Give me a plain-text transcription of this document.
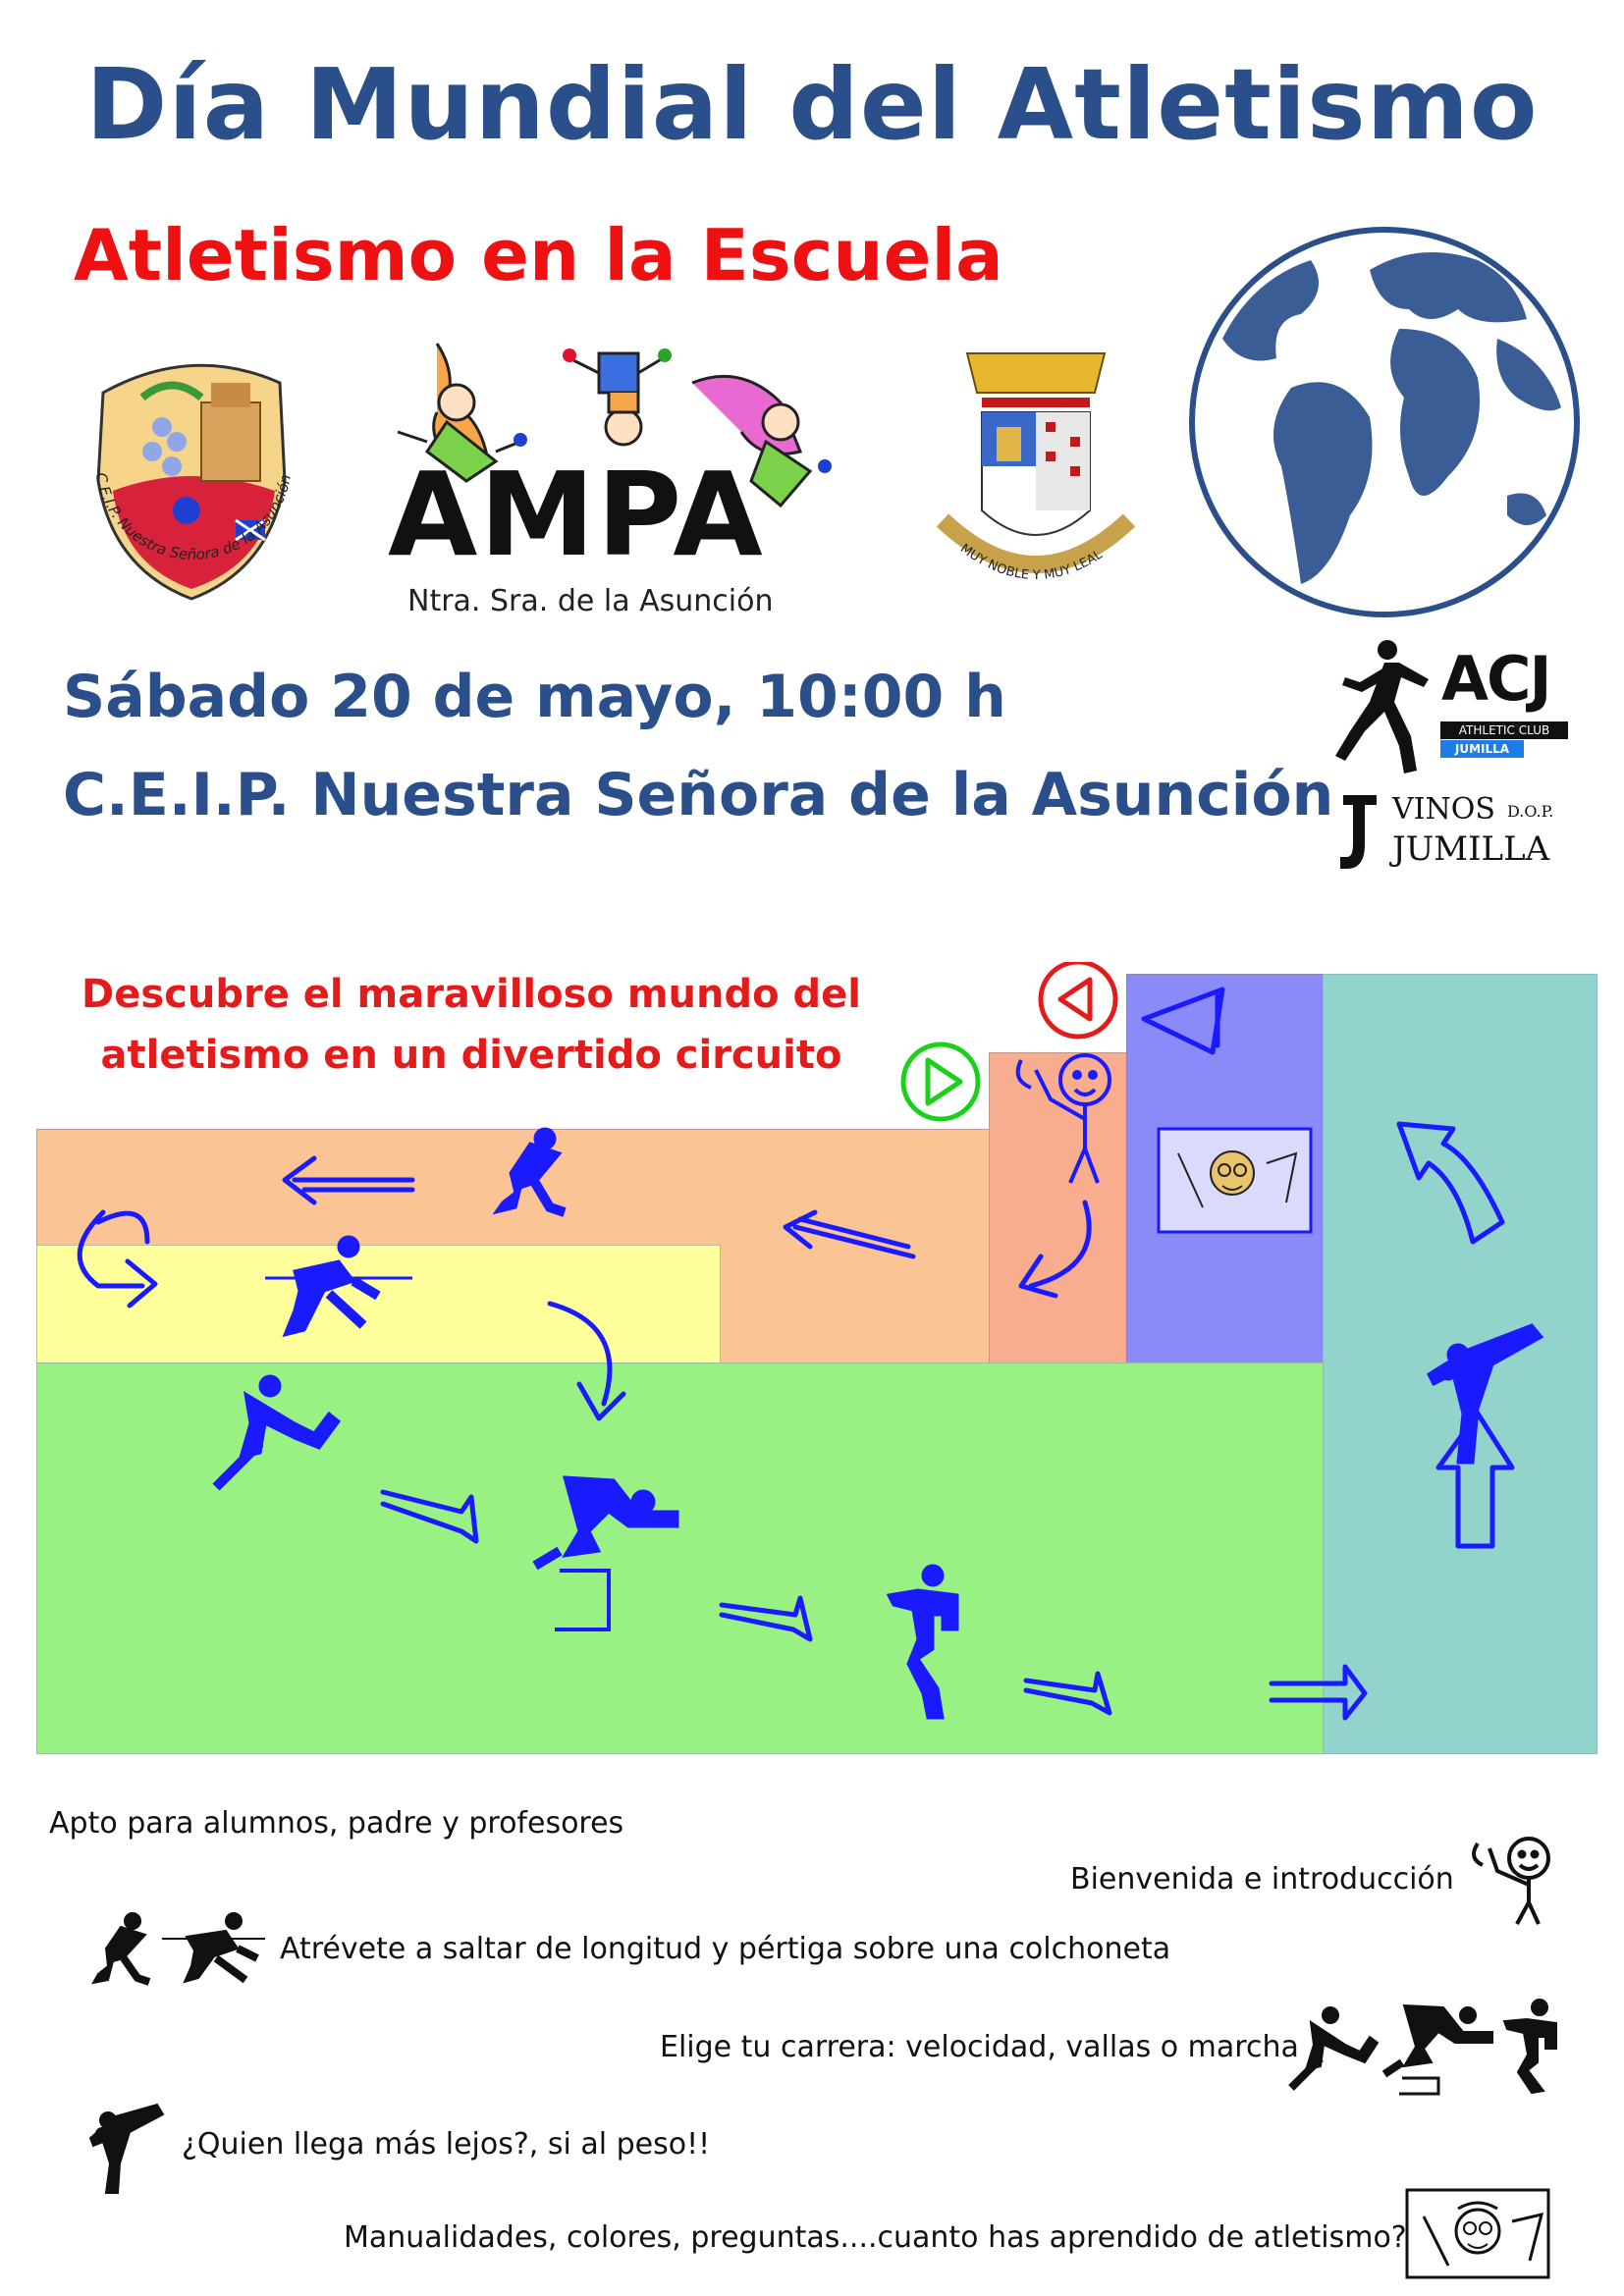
Día Mundial del Atletismo
Atletismo en la Escuela
C.E.I.P. Nuestra Señora de la Asunción AMPA
Ntra. Sra. de la Asunción
MUY NOBLE Y MUY LEAL
Sábado 20 de mayo, 10:00 h
C.E.I.P. Nuestra Señora de la Asunción
ACJ
ATHLETIC CLUB
JUMILLA
VINOS D.O.P.
JUMILLA
Descubre el maravilloso mundo del
atletismo en un divertido circuito
Apto para alumnos, padre y profesores
Bienvenida e introducción
Atrévete a saltar de longitud y pértiga sobre una colchoneta
Elige tu carrera: velocidad, vallas o marcha
¿Quien llega más lejos?, si al peso!!
Manualidades, colores, preguntas....cuanto has aprendido de atletismo?
